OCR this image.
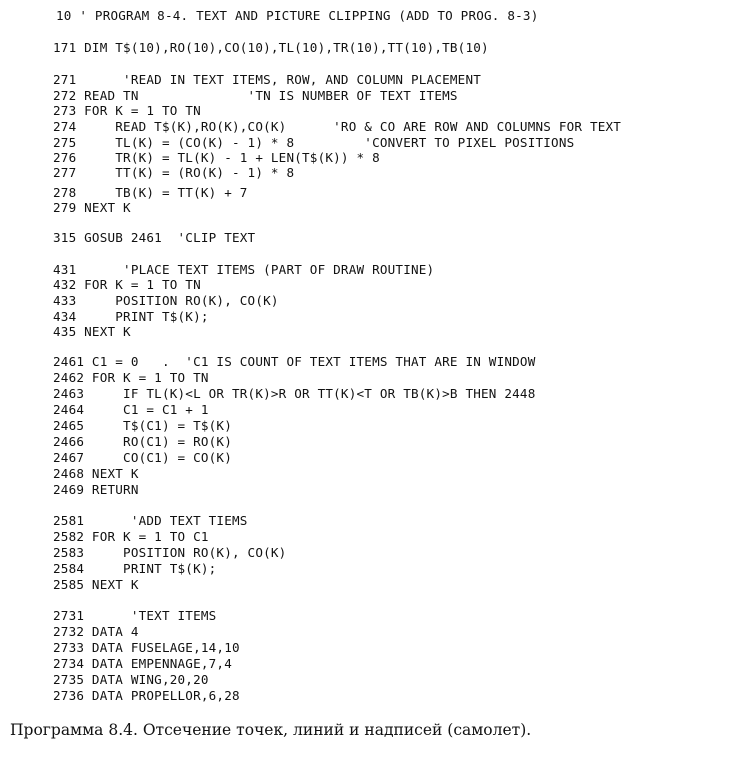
10 ' PROGRAM 8-4. TEXT AND PICTURE CLIPPING (ADD TO PROG. 8-3)
171 DIM T$(10),RO(10),CO(10),TL(10),TR(10),TT(10),TB(10)
271      'READ IN TEXT ITEMS, ROW, AND COLUMN PLACEMENT
272 READ TN              'TN IS NUMBER OF TEXT ITEMS
273 FOR K = 1 TO TN
274     READ T$(K),RO(K),CO(K)      'RO & CO ARE ROW AND COLUMNS FOR TEXT
275     TL(K) = (CO(K) - 1) * 8         'CONVERT TO PIXEL POSITIONS
276     TR(K) = TL(K) - 1 + LEN(T$(K)) * 8
277     TT(K) = (RO(K) - 1) * 8
278     TB(K) = TT(K) + 7
279 NEXT K
315 GOSUB 2461  'CLIP TEXT
431      'PLACE TEXT ITEMS (PART OF DRAW ROUTINE)
432 FOR K = 1 TO TN
433     POSITION RO(K), CO(K)
434     PRINT T$(K);
435 NEXT K
2461 C1 = 0   .  'C1 IS COUNT OF TEXT ITEMS THAT ARE IN WINDOW
2462 FOR K = 1 TO TN
2463     IF TL(K)<L OR TR(K)>R OR TT(K)<T OR TB(K)>B THEN 2448
2464     C1 = C1 + 1
2465     T$(C1) = T$(K)
2466     RO(C1) = RO(K)
2467     CO(C1) = CO(K)
2468 NEXT K
2469 RETURN
2581      'ADD TEXT TIEMS
2582 FOR K = 1 TO C1
2583     POSITION RO(K), CO(K)
2584     PRINT T$(K);
2585 NEXT K
2731      'TEXT ITEMS
2732 DATA 4
2733 DATA FUSELAGE,14,10
2734 DATA EMPENNAGE,7,4
2735 DATA WING,20,20
2736 DATA PROPELLOR,6,28
Программа 8.4. Отсечение точек, линий и надписей (самолет).
